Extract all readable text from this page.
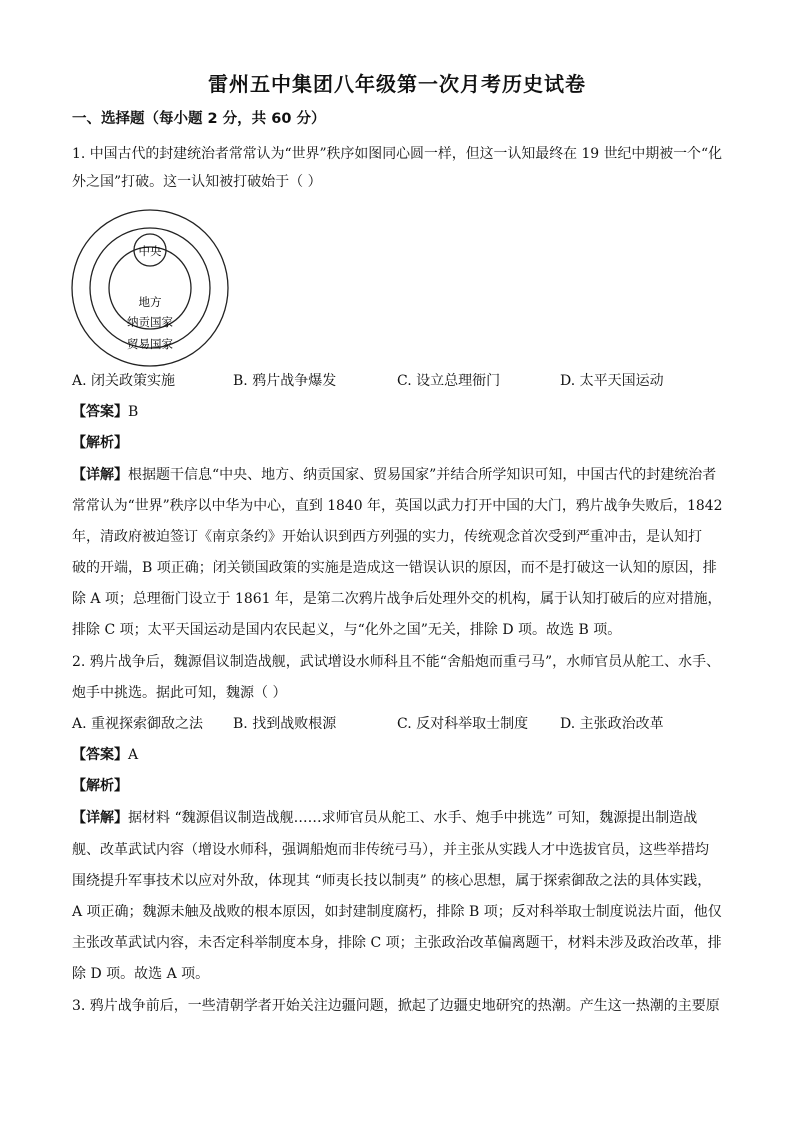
雷州五中集团八年级第一次月考历史试卷
一、选择题（每小题 2 分，共 60 分）
1. 中国古代的封建统治者常常认为“世界”秩序如图同心圆一样，但这一认知最终在 19 世纪中期被一个“化
外之国”打破。这一认知被打破始于（ ）
中央
地方
纳贡国家
贸易国家
A. 闭关政策实施	B. 鸦片战争爆发	C. 设立总理衙门	D. 太平天国运动
【答案】B
【解析】
【详解】根据题干信息“中央、地方、纳贡国家、贸易国家”并结合所学知识可知，中国古代的封建统治者
常常认为“世界”秩序以中华为中心，直到 1840 年，英国以武力打开中国的大门，鸦片战争失败后，1842
年，清政府被迫签订《南京条约》开始认识到西方列强的实力，传统观念首次受到严重冲击，是认知打
破的开端，B 项正确；闭关锁国政策的实施是造成这一错误认识的原因，而不是打破这一认知的原因，排
除 A 项；总理衙门设立于 1861 年，是第二次鸦片战争后处理外交的机构，属于认知打破后的应对措施，
排除 C 项；太平天国运动是国内农民起义，与“化外之国”无关，排除 D 项。故选 B 项。
2. 鸦片战争后，魏源倡议制造战舰，武试增设水师科且不能“舍船炮而重弓马”，水师官员从舵工、水手、
炮手中挑选。据此可知，魏源（ ）
A. 重视探索御敌之法 B. 找到战败根源	C. 反对科举取士制度 D. 主张政治改革
【答案】A
【解析】
【详解】据材料 “魏源倡议制造战舰……求师官员从舵工、水手、炮手中挑选” 可知，魏源提出制造战
舰、改革武试内容（增设水师科，强调船炮而非传统弓马），并主张从实践人才中选拔官员，这些举措均
围绕提升军事技术以应对外敌，体现其 “师夷长技以制夷” 的核心思想，属于探索御敌之法的具体实践，
A 项正确；魏源未触及战败的根本原因，如封建制度腐朽，排除 B 项；反对科举取士制度说法片面，他仅
主张改革武试内容，未否定科举制度本身，排除 C 项；主张政治改革偏离题干，材料未涉及政治改革，排
除 D 项。故选 A 项。
3. 鸦片战争前后，一些清朝学者开始关注边疆问题，掀起了边疆史地研究的热潮。产生这一热潮的主要原
